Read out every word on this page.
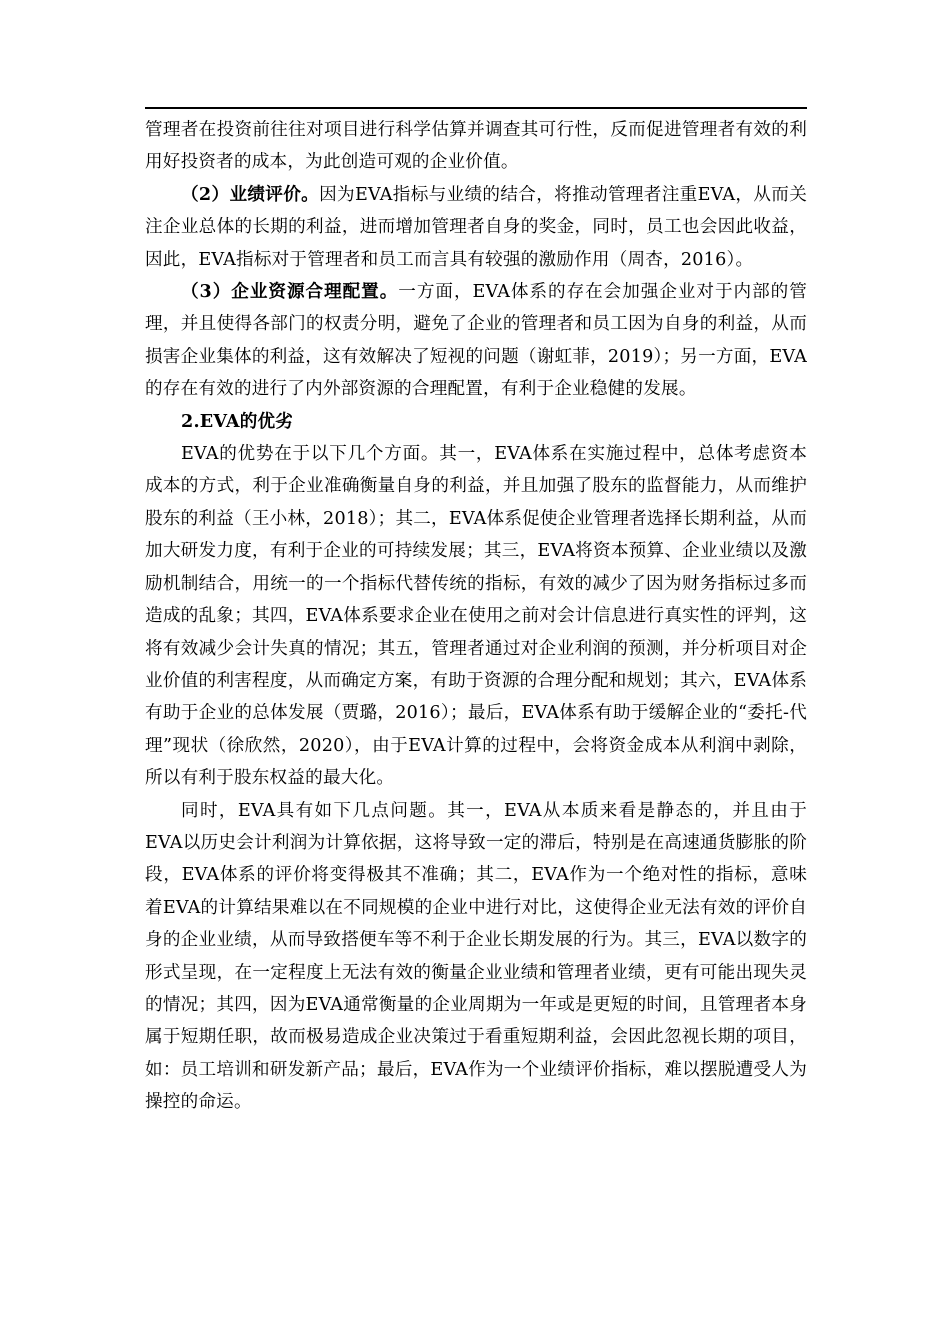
管理者在投资前往往对项目进行科学估算并调查其可行性，反而促进管理者有效的利用好投资者的成本，为此创造可观的企业价值。

（2）业绩评价。因为EVA指标与业绩的结合，将推动管理者注重EVA，从而关注企业总体的长期的利益，进而增加管理者自身的奖金，同时，员工也会因此收益，因此，EVA指标对于管理者和员工而言具有较强的激励作用（周杏，2016）。

（3）企业资源合理配置。一方面，EVA体系的存在会加强企业对于内部的管理，并且使得各部门的权责分明，避免了企业的管理者和员工因为自身的利益，从而损害企业集体的利益，这有效解决了短视的问题（谢虹菲，2019）；另一方面，EVA的存在有效的进行了内外部资源的合理配置，有利于企业稳健的发展。

2.EVA的优劣

EVA的优势在于以下几个方面。其一，EVA体系在实施过程中，总体考虑资本成本的方式，利于企业准确衡量自身的利益，并且加强了股东的监督能力，从而维护股东的利益（王小林，2018）；其二，EVA体系促使企业管理者选择长期利益，从而加大研发力度，有利于企业的可持续发展；其三，EVA将资本预算、企业业绩以及激励机制结合，用统一的一个指标代替传统的指标，有效的减少了因为财务指标过多而造成的乱象；其四，EVA体系要求企业在使用之前对会计信息进行真实性的评判，这将有效减少会计失真的情况；其五，管理者通过对企业利润的预测，并分析项目对企业价值的利害程度，从而确定方案，有助于资源的合理分配和规划；其六，EVA体系有助于企业的总体发展（贾璐，2016）；最后，EVA体系有助于缓解企业的“委托-代理”现状（徐欣然，2020），由于EVA计算的过程中，会将资金成本从利润中剥除，所以有利于股东权益的最大化。

同时，EVA具有如下几点问题。其一，EVA从本质来看是静态的，并且由于EVA以历史会计利润为计算依据，这将导致一定的滞后，特别是在高速通货膨胀的阶段，EVA体系的评价将变得极其不准确；其二，EVA作为一个绝对性的指标，意味着EVA的计算结果难以在不同规模的企业中进行对比，这使得企业无法有效的评价自身的企业业绩，从而导致搭便车等不利于企业长期发展的行为。其三，EVA以数字的形式呈现，在一定程度上无法有效的衡量企业业绩和管理者业绩，更有可能出现失灵的情况；其四，因为EVA通常衡量的企业周期为一年或是更短的时间，且管理者本身属于短期任职，故而极易造成企业决策过于看重短期利益，会因此忽视长期的项目，如：员工培训和研发新产品；最后，EVA作为一个业绩评价指标，难以摆脱遭受人为操控的命运。
